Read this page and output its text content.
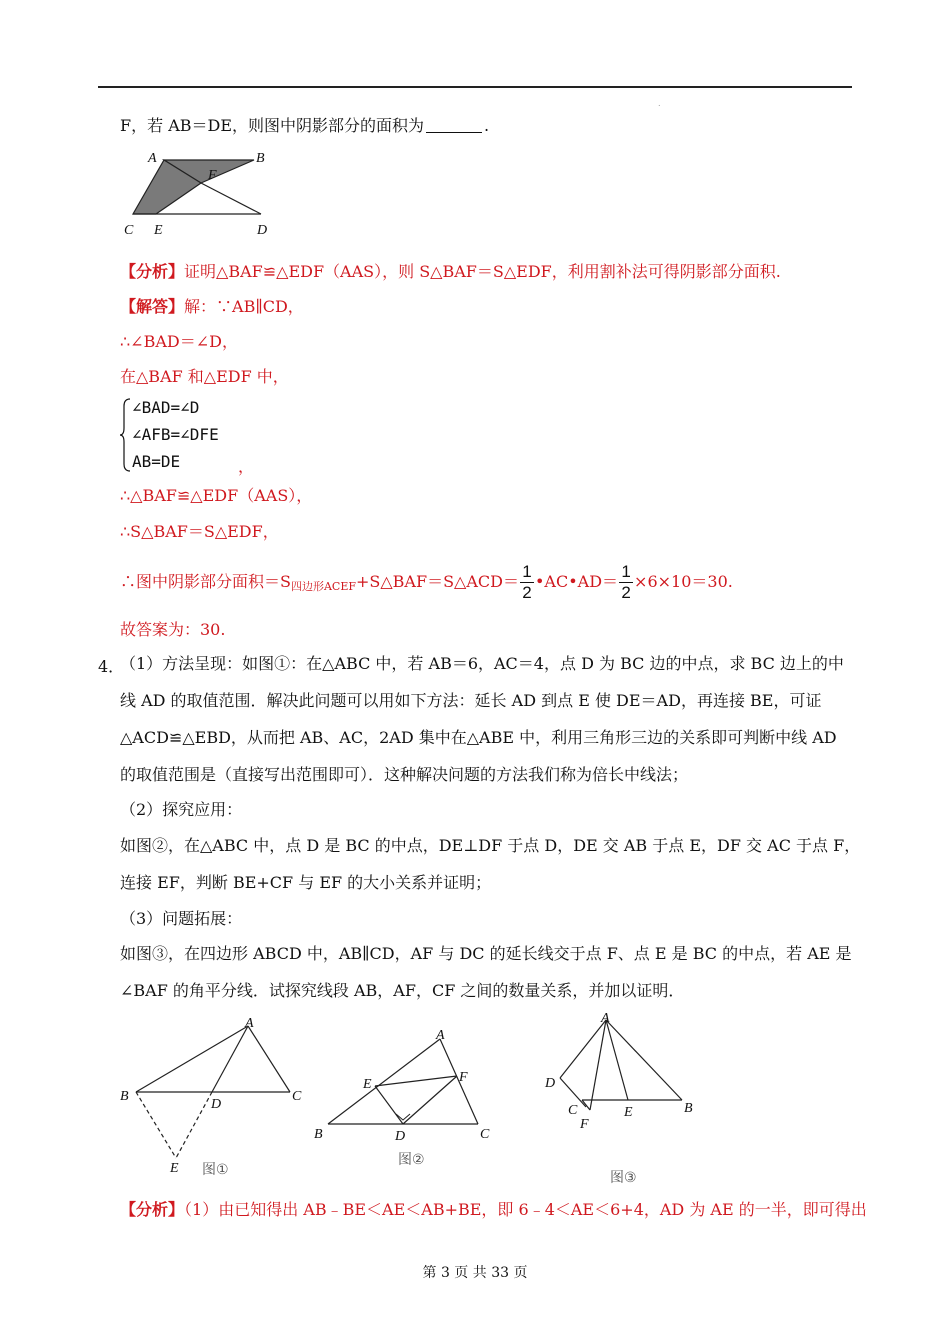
.
F，若 AB＝DE，则图中阴影部分的面积为	.
A	B
F
C E	D
【分析】证明△BAF≌△EDF（AAS），则 S△BAF＝S△EDF，利用割补法可得阴影部分面积.
【解答】解：∵AB∥CD，
∴∠BAD＝∠D，
在△BAF 和△EDF 中，
∠BAD=∠D
∠AFB=∠DFE
AB=DE	，
∴△BAF≌△EDF（AAS），
∴S△BAF＝S△EDF，
∴图中阴影部分面积$=S_{四边形ACEF}+S\triangle BAF=S\triangle ACD= \frac{1}{2}$ •AC•AD＝ $\frac{1}{2} \times 6\times 10=30$.
故答案为：30.
4．
（1）方法呈现：如图①：在△ABC 中，若 AB＝6，AC＝4，点 D 为 BC 边的中点，求 BC 边上的中
线 AD 的取值范围．解决此问题可以用如下方法：延长 AD 到点 E 使 DE＝AD，再连接 BE，可证
△ACD≌△EBD，从而把 AB、AC，2AD 集中在△ABE 中，利用三角形三边的关系即可判断中线 AD
的取值范围是（直接写出范围即可）．这种解决问题的方法我们称为倍长中线法；
（2）探究应用：
如图②，在△ABC 中，点 D 是 BC 的中点，DE⊥DF 于点 D，DE 交 AB 于点 E，DF 交 AC 于点 F，
连接 EF，判断 BE+CF 与 EF 的大小关系并证明；
（3）问题拓展：
如图③，在四边形 ABCD 中，AB∥CD，AF 与 DC 的延长线交于点 F、点 E 是 BC 的中点，若 AE 是
∠BAF 的角平分线．试探究线段 AB，AF，CF 之间的数量关系，并加以证明．
A
B	C
D
E 图①
A
B	C
D
E	F
图②
A
B
C
D
E
F
图③
【分析】（1）由已知得出 AB﹣BE＜AE＜AB+BE，即 6﹣4＜AE＜6+4，AD 为 AE 的一半，即可得出
第 3 页 共 33 页
